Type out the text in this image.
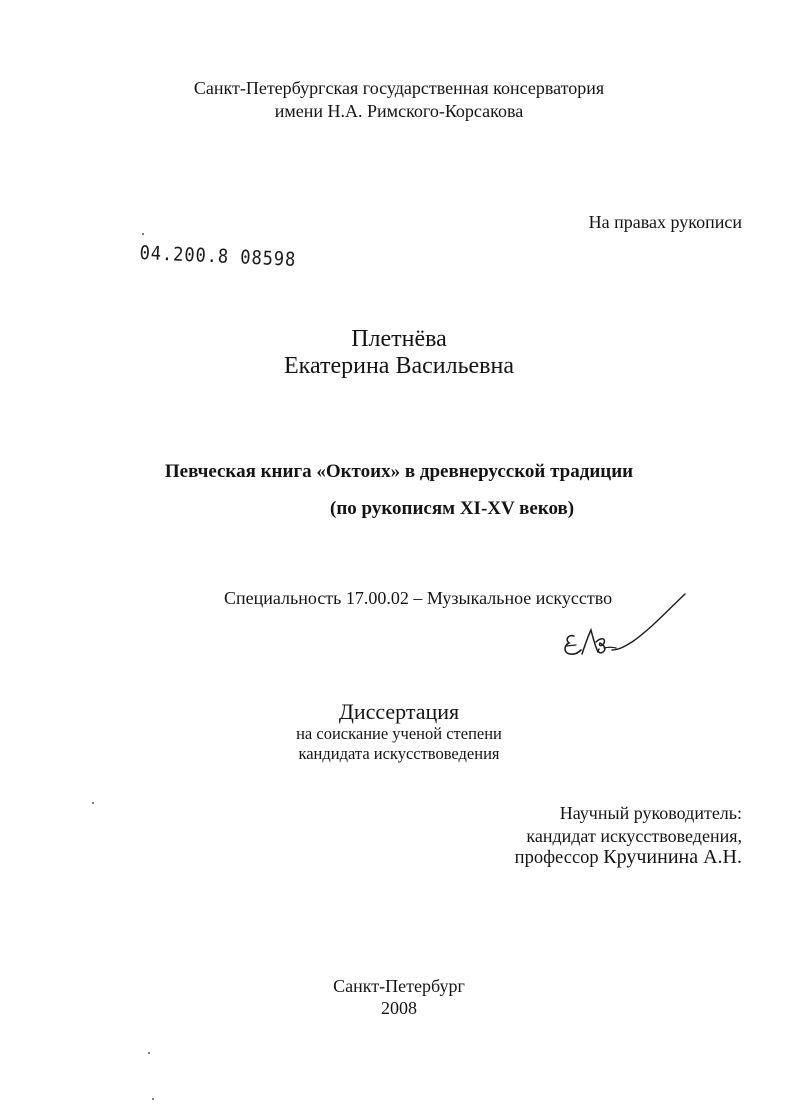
Санкт-Петербургская государственная консерватория
имени Н.А. Римского-Корсакова
На правах рукописи
04.200.8 08598
Плетнёва
Екатерина Васильевна
Певческая книга «Октоих» в древнерусской традиции
(по рукописям XI-XV веков)
Специальность 17.00.02 – Музыкальное искусство
Диссертация
на соискание ученой степени
кандидата искусствоведения
Научный руководитель:
кандидат искусствоведения,
профессор Кручинина А.Н.
Санкт-Петербург
2008
